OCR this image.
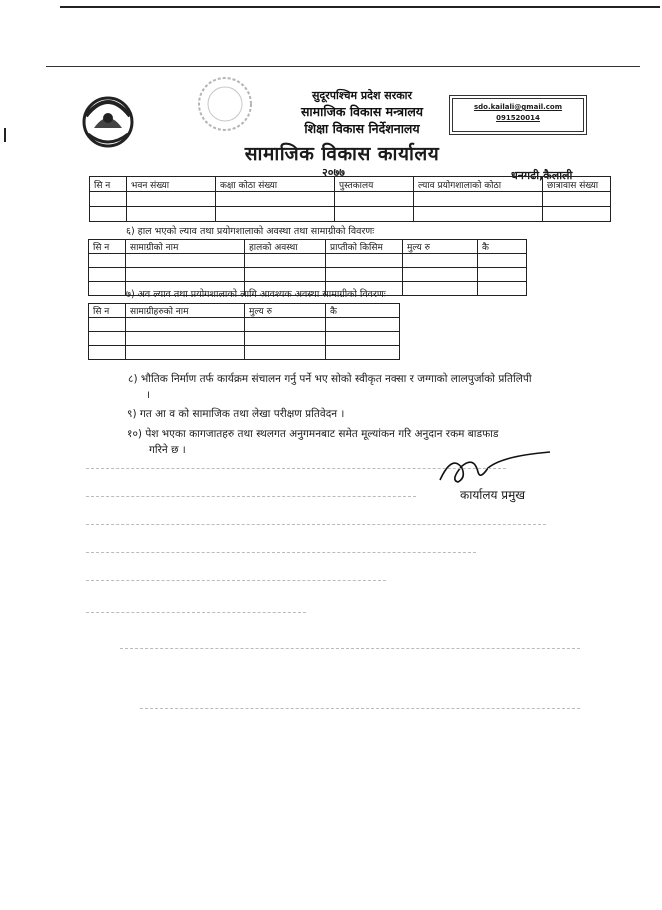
सुदूरपश्चिम प्रदेश सरकार
सामाजिक विकास मन्त्रालय
शिक्षा विकास निर्देशनालय
सामाजिक विकास कार्यालय
sdo.kailali@gmail.com
091520014
२०७७	धनगढी,कैलाली
सि न	भवन संख्या	कक्षा कोठा संख्या	पुस्तकालय	ल्याव प्रयोगशालाको कोठा	छात्रावास संख्या

६) हाल भएको ल्याव तथा प्रयोगशालाको अवस्था तथा सामाग्रीको विवरणः
सि न	सामाग्रीको नाम	हालको अवस्था	प्राप्तीको किसिम	मुल्य रु	कै

७) अव ल्याव तथा प्रयोगशालाको लागि आवश्यक अवस्था सामाग्रीको विवरणः
सि न	सामाग्रीहरुको नाम	मुल्य रु	कै

८) भौतिक निर्माण तर्फ कार्यक्रम संचालन गर्नु पर्ने भए सोको स्वीकृत नक्सा र जग्गाको लालपुर्जाको प्रतिलिपी
।
९) गत आ व को सामाजिक तथा लेखा परीक्षण प्रतिवेदन ।
१०) पेश भएका कागजातहरु तथा स्थलगत अनुगमनबाट समेत मूल्यांकन गरि अनुदान रकम बाडफाड
गरिने छ ।
कार्यालय प्रमुख
